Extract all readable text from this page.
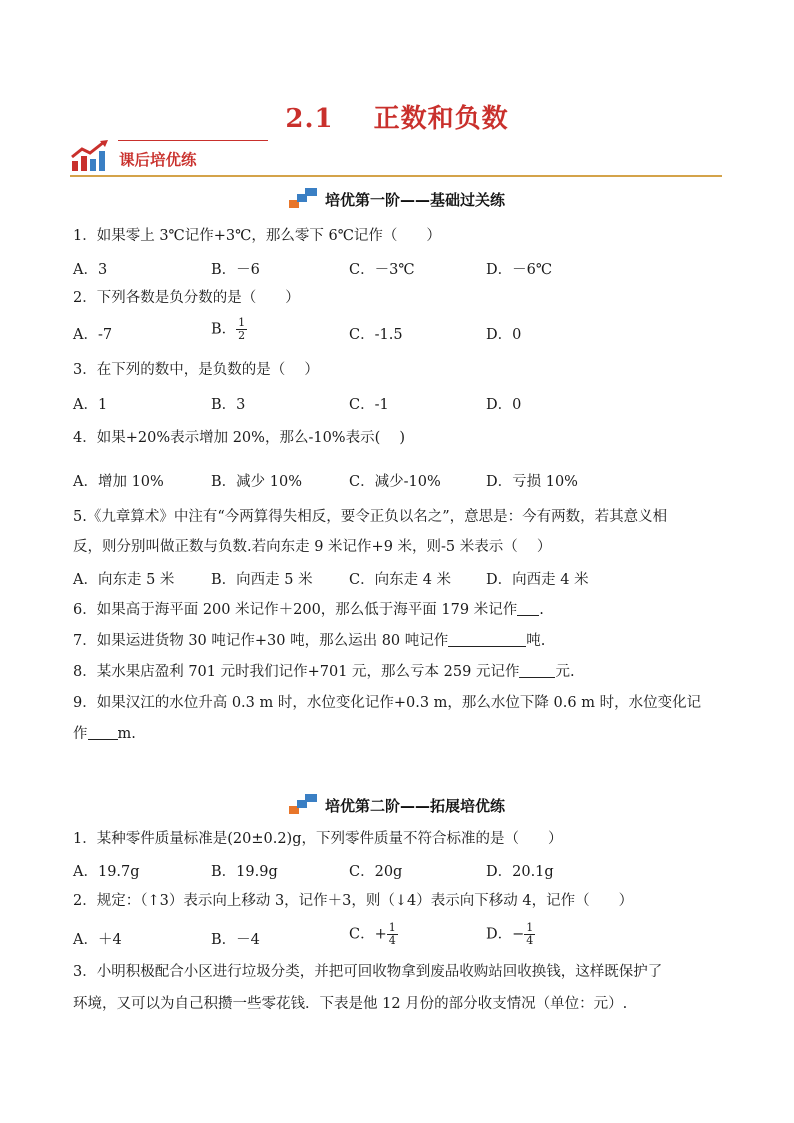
2.1 正数和负数
课后培优练
培优第一阶——基础过关练
1．如果零上 3℃记作+3℃，那么零下 6℃记作（　　）
A．3	B．－6	C．－3℃	D．－6℃
2．下列各数是负分数的是（　　）
A．-7	B． $\frac{1}{2}$	C．-1.5	D．0
3．在下列的数中，是负数的是（　 ）
A．1	B．3	C．-1	D．0
4．如果+20%表示增加 20%，那么-10%表示(　 )
A．增加 10%	B．减少 10%	C．减少-10%	D．亏损 10%
5.《九章算术》中注有“今两算得失相反，要令正负以名之”，意思是：今有两数，若其意义相
反，则分别叫做正数与负数.若向东走 9 米记作+9 米，则-5 米表示（　 ）
A．向东走 5 米	B．向西走 5 米	C．向东走 4 米 D．向西走 4 米
6．如果高于海平面 200 米记作＋200，那么低于海平面 179 米记作 .
7．如果运进货物 30 吨记作+30 吨，那么运出 80 吨记作	吨.
8．某水果店盈利 701 元时我们记作+701 元，那么亏本 259 元记作 元.
9．如果汉江的水位升高 0.3 m 时，水位变化记作+0.3 m，那么水位下降 0.6 m 时，水位变化记
作 m.
培优第二阶——拓展培优练
1．某种零件质量标准是(20±0.2)g，下列零件质量不符合标准的是（　　）
A．19.7g	B．19.9g	C．20g	D．20.1g
2．规定：（↑3）表示向上移动 3，记作＋3，则（↓4）表示向下移动 4，记作（　　）
A．＋4	B．－4	C．+ $\frac{1}{4}$	D．− $\frac{1}{4}$
3．小明积极配合小区进行垃圾分类，并把可回收物拿到废品收购站回收换钱，这样既保护了
环境，又可以为自己积攒一些零花钱．下表是他 12 月份的部分收支情况（单位：元）.
